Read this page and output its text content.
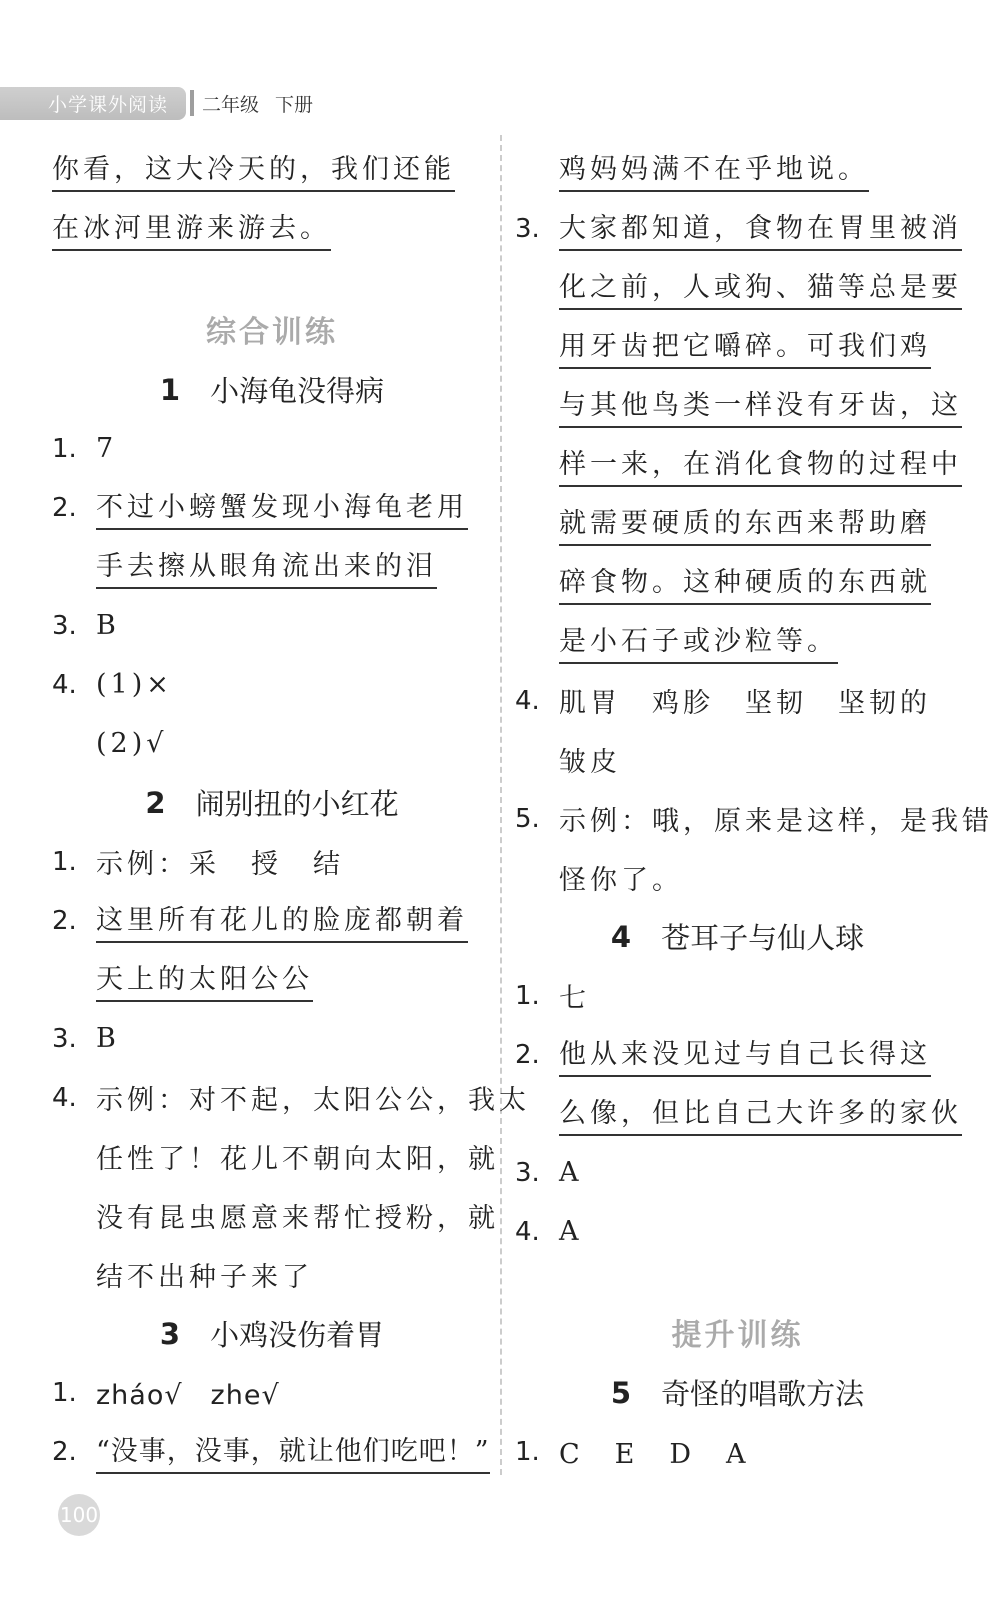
小学课外阅读	二年级 下册
你看，这大冷天的，我们还能
在冰河里游来游去。
综合训练
1 小海龟没得病
1. 7
2. 不过小螃蟹发现小海龟老用
手去擦从眼角流出来的泪
3. B
4. (1)×
(2)√
2 闹别扭的小红花
1. 示例：采　授　结
2. 这里所有花儿的脸庞都朝着
天上的太阳公公
3. B
4. 示例：对不起，太阳公公，我太
任性了！花儿不朝向太阳，就
没有昆虫愿意来帮忙授粉，就
结不出种子来了
3 小鸡没伤着胃
1. zháo√　zhe√
2. “没事，没事，就让他们吃吧！”
鸡妈妈满不在乎地说。
3. 大家都知道，食物在胃里被消
化之前，人或狗、猫等总是要
用牙齿把它嚼碎。可我们鸡
与其他鸟类一样没有牙齿，这
样一来，在消化食物的过程中
就需要硬质的东西来帮助磨
碎食物。这种硬质的东西就
是小石子或沙粒等。
4. 肌胃　鸡胗　坚韧　坚韧的
皱皮
5. 示例：哦，原来是这样，是我错
怪你了。
4 苍耳子与仙人球
1. 七
2. 他从来没见过与自己长得这
么像，但比自己大许多的家伙
3. A
4. A
提升训练
5 奇怪的唱歌方法
1. C　E　D　A
100
